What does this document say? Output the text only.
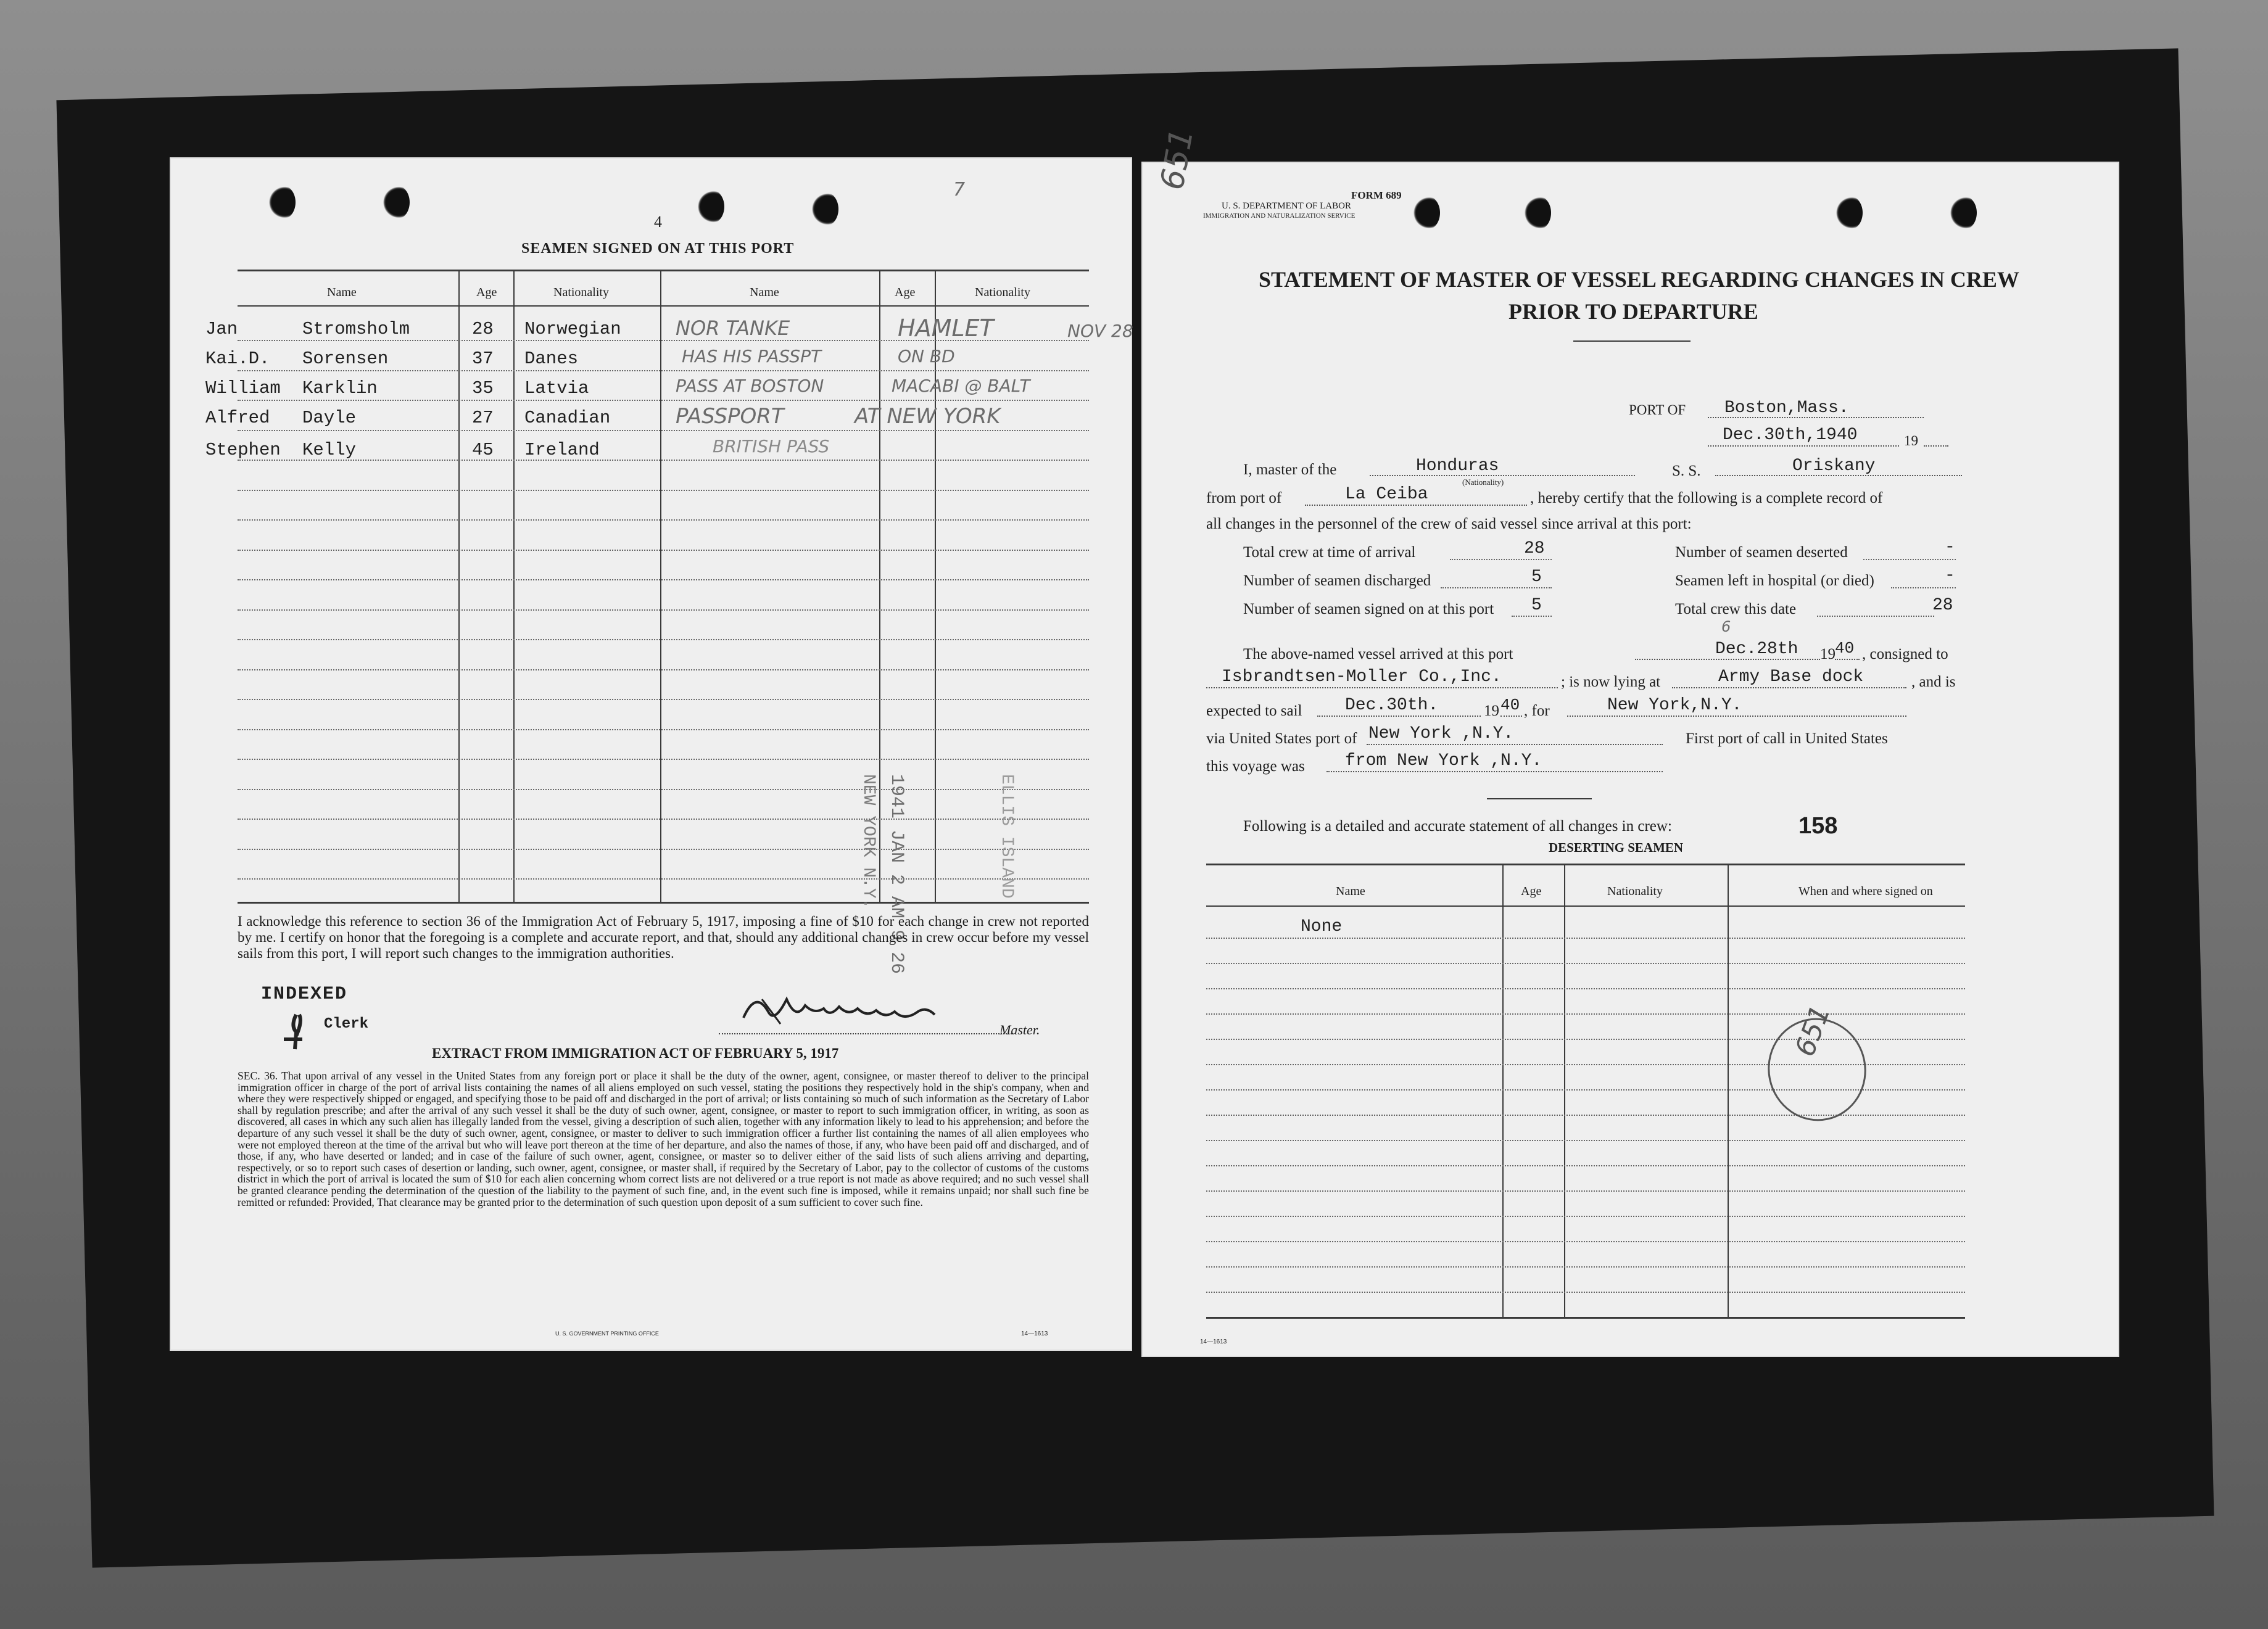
7
4
SEAMEN SIGNED ON AT THIS PORT
Name	Age	Nationality	Name	Age	Nationality
Jan	Stromsholm	28 Norwegian	NOR TANKE	HAMLET	NOV 28
Kai.D. Sorensen	37 Danes	HAS HIS PASSPT	ON BD
William Karklin	35 Latvia	PASS AT BOSTON	MACABI @ BALT
Alfred Dayle	27 Canadian	PASSPORT	AT NEW YORK
Stephen Kelly	45 Ireland	BRITISH PASS
1941 JAN 2 AM 9 26
NEW YORK N.Y.	ELLIS ISLAND
I acknowledge this reference to section 36 of the Immigration Act of February 5, 1917, imposing a fine of $10 for each change in crew not reported by me. I certify on honor that the foregoing is a complete and accurate report, and that, should any additional changes in crew occur before my vessel sails from this port, I will report such changes to the immigration authorities.
INDEXED
Clerk	Master.
EXTRACT FROM IMMIGRATION ACT OF FEBRUARY 5, 1917
SEC. 36. That upon arrival of any vessel in the United States from any foreign port or place it shall be the duty of the owner, agent, consignee, or master thereof to deliver to the principal immigration officer in charge of the port of arrival lists containing the names of all aliens employed on such vessel, stating the positions they respectively hold in the ship's company, when and where they were respectively shipped or engaged, and specifying those to be paid off and discharged in the port of arrival; or lists containing so much of such information as the Secretary of Labor shall by regulation prescribe; and after the arrival of any such vessel it shall be the duty of such owner, agent, consignee, or master to report to such immigration officer, in writing, as soon as discovered, all cases in which any such alien has illegally landed from the vessel, giving a description of such alien, together with any information likely to lead to his apprehension; and before the departure of any such vessel it shall be the duty of such owner, agent, consignee, or master to deliver to such immigration officer a further list containing the names of all alien employees who were not employed thereon at the time of the arrival but who will leave port thereon at the time of her departure, and also the names of those, if any, who have been paid off and discharged, and of those, if any, who have deserted or landed; and in case of the failure of such owner, agent, consignee, or master so to deliver either of the said lists of such aliens arriving and departing, respectively, or so to report such cases of desertion or landing, such owner, agent, consignee, or master shall, if required by the Secretary of Labor, pay to the collector of customs of the customs district in which the port of arrival is located the sum of $10 for each alien concerning whom correct lists are not delivered or a true report is not made as above required; and no such vessel shall be granted clearance pending the determination of the question of the liability to the payment of such fine, and, in the event such fine is imposed, while it remains unpaid; nor shall such fine be remitted or refunded: Provided, That clearance may be granted prior to the determination of such question upon deposit of a sum sufficient to cover such fine.
U. S. GOVERNMENT PRINTING OFFICE	14—1613
651
FORM 689
U. S. DEPARTMENT OF LABOR
IMMIGRATION AND NATURALIZATION SERVICE
STATEMENT OF MASTER OF VESSEL REGARDING CHANGES IN CREW
PRIOR TO DEPARTURE
PORT OF Boston,Mass.
Dec.30th,1940	19
I, master of the	Honduras
(Nationality)
S. S.	Oriskany
from port of	La Ceiba	, hereby certify that the following is a complete record of
all changes in the personnel of the crew of said vessel since arrival at this port:
Total crew at time of arrival	28
Number of seamen discharged	5
Number of seamen signed on at this port 5
Number of seamen deserted	-
Seamen left in hospital (or died)	-
Total crew this date	28
6
The above-named vessel arrived at this port	Dec.28th 19 40 , consigned to
Isbrandtsen-Moller Co.,Inc.	; is now lying at	Army Base dock	, and is
expected to sail Dec.30th.	19 40 , for	New York,N.Y.
via United States port of New York ,N.Y.	First port of call in United States
this voyage was from New York ,N.Y.
Following is a detailed and accurate statement of all changes in crew:	158
DESERTING SEAMEN
Name	Age	Nationality	When and where signed on
None
651
14—1613
